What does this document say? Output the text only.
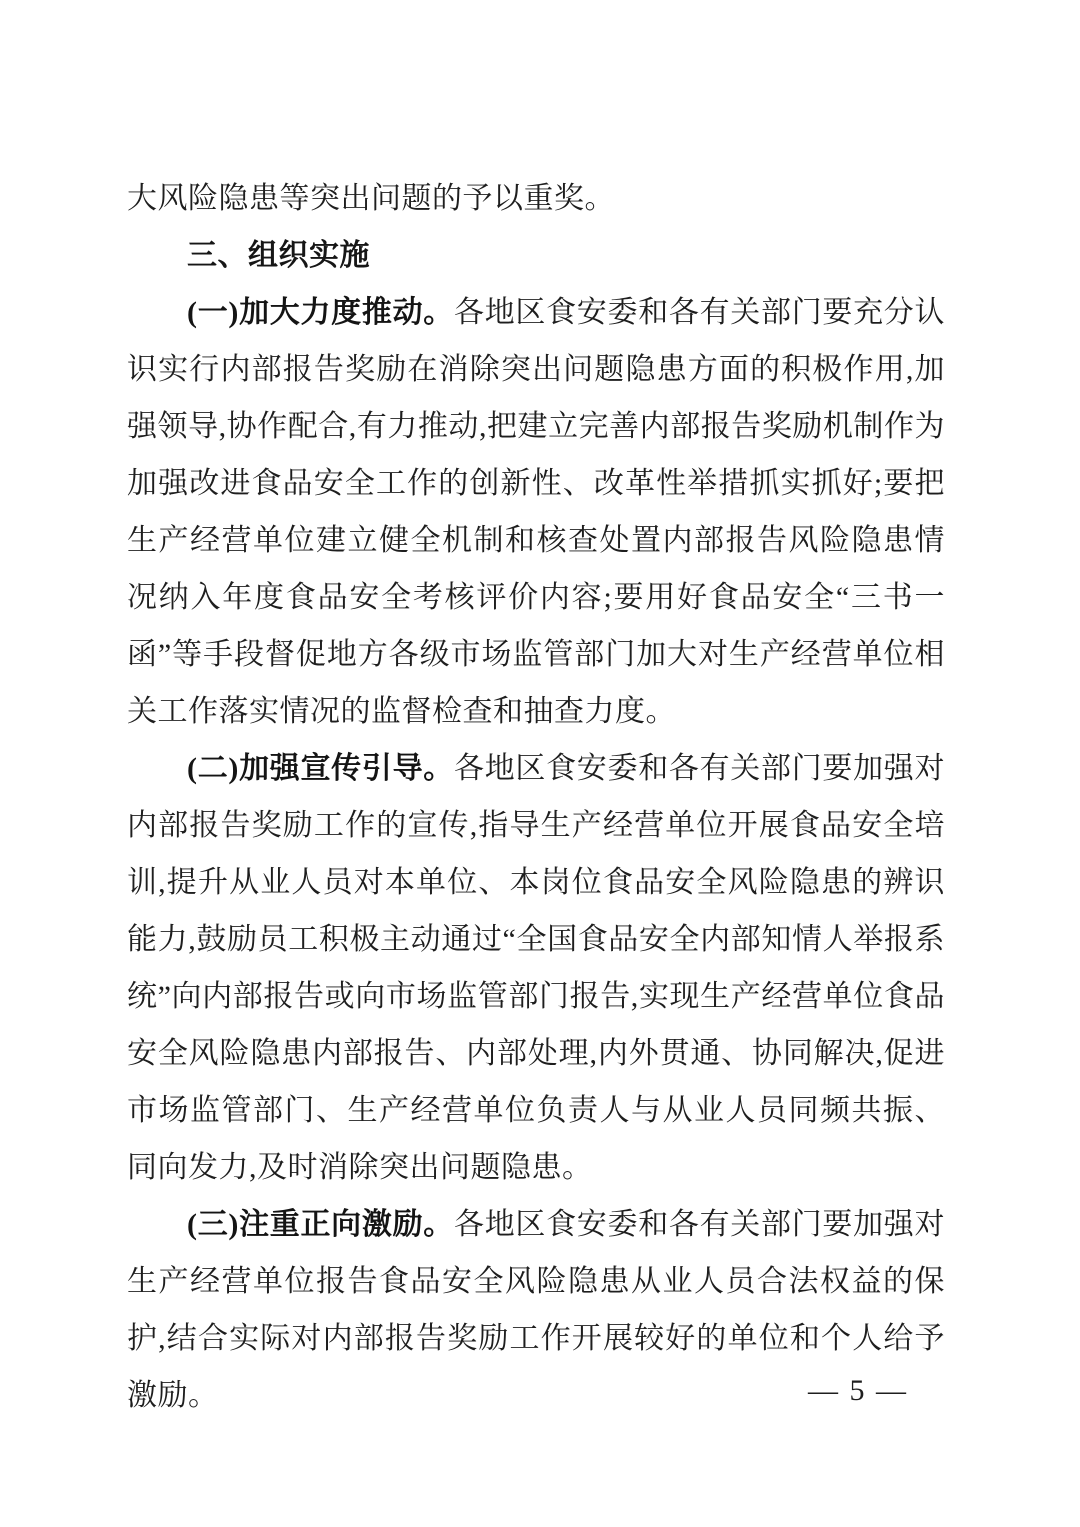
大风险隐患等突出问题的予以重奖。

三、组织实施

(一)加大力度推动。各地区食安委和各有关部门要充分认识实行内部报告奖励在消除突出问题隐患方面的积极作用,加强领导,协作配合,有力推动,把建立完善内部报告奖励机制作为加强改进食品安全工作的创新性、改革性举措抓实抓好;要把生产经营单位建立健全机制和核查处置内部报告风险隐患情况纳入年度食品安全考核评价内容;要用好食品安全“三书一函”等手段督促地方各级市场监管部门加大对生产经营单位相关工作落实情况的监督检查和抽查力度。

(二)加强宣传引导。各地区食安委和各有关部门要加强对内部报告奖励工作的宣传,指导生产经营单位开展食品安全培训,提升从业人员对本单位、本岗位食品安全风险隐患的辨识能力,鼓励员工积极主动通过“全国食品安全内部知情人举报系统”向内部报告或向市场监管部门报告,实现生产经营单位食品安全风险隐患内部报告、内部处理,内外贯通、协同解决,促进市场监管部门、生产经营单位负责人与从业人员同频共振、同向发力,及时消除突出问题隐患。

(三)注重正向激励。各地区食安委和各有关部门要加强对生产经营单位报告食品安全风险隐患从业人员合法权益的保护,结合实际对内部报告奖励工作开展较好的单位和个人给予激励。	— 5 —
